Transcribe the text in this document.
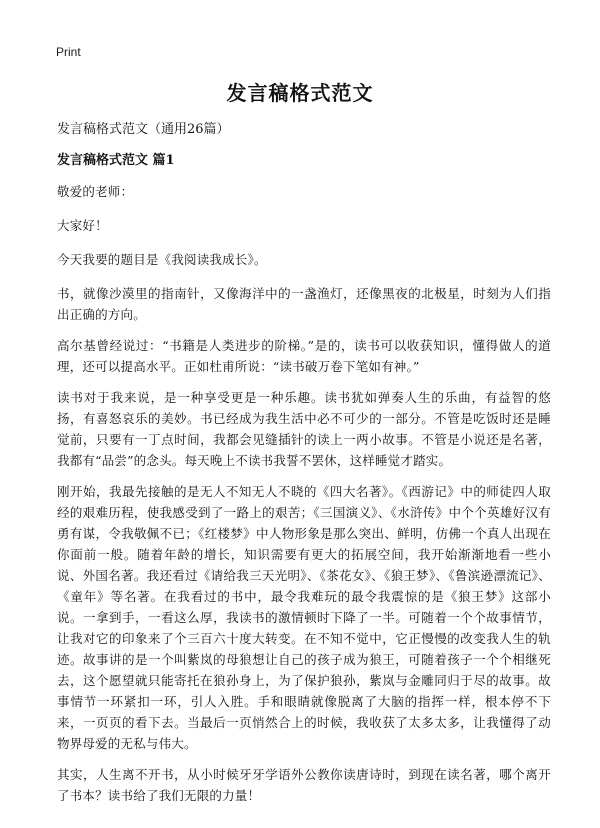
Print
发言稿格式范文

发言稿格式范文（通用26篇）

发言稿格式范文 篇1

敬爱的老师：

大家好！

今天我要的题目是《我阅读我成长》。

书，就像沙漠里的指南针，又像海洋中的一盏渔灯，还像黑夜的北极星，时刻为人们指出正确的方向。

高尔基曾经说过：“书籍是人类进步的阶梯。”是的，读书可以收获知识，懂得做人的道理，还可以提高水平。正如杜甫所说：“读书破万卷下笔如有神。”

读书对于我来说，是一种享受更是一种乐趣。读书犹如弹奏人生的乐曲，有益智的悠扬，有喜怒哀乐的美妙。书已经成为我生活中必不可少的一部分。不管是吃饭时还是睡觉前，只要有一丁点时间，我都会见缝插针的读上一两小故事。不管是小说还是名著，我都有“品尝”的念头。每天晚上不读书我誓不罢休，这样睡觉才踏实。

刚开始，我最先接触的是无人不知无人不晓的《四大名著》。《西游记》中的师徒四人取经的艰难历程，使我感受到了一路上的艰苦；《三国演义》、《水浒传》中个个英雄好汉有勇有谋，令我敬佩不已；《红楼梦》中人物形象是那么突出、鲜明，仿佛一个真人出现在你面前一般。随着年龄的增长，知识需要有更大的拓展空间，我开始渐渐地看一些小说、外国名著。我还看过《请给我三天光明》、《茶花女》、《狼王梦》、《鲁滨逊漂流记》、《童年》等名著。在我看过的书中，最令我难玩的最令我震惊的是《狼王梦》这部小说。一拿到手，一看这么厚，我读书的激情顿时下降了一半。可随着一个个故事情节，让我对它的印象来了个三百六十度大转变。在不知不觉中，它正慢慢的改变我人生的轨迹。故事讲的是一个叫紫岚的母狼想让自己的孩子成为狼王，可随着孩子一个个相继死去，这个愿望就只能寄托在狼孙身上，为了保护狼孙，紫岚与金雕同归于尽的故事。故事情节一环紧扣一环，引人入胜。手和眼睛就像脱离了大脑的指挥一样，根本停不下来，一页页的看下去。当最后一页悄然合上的时候，我收获了太多太多，让我懂得了动物界母爱的无私与伟大。

其实，人生离不开书，从小时候牙牙学语外公教你读唐诗时，到现在读名著，哪个离开了书本？读书给了我们无限的力量！
